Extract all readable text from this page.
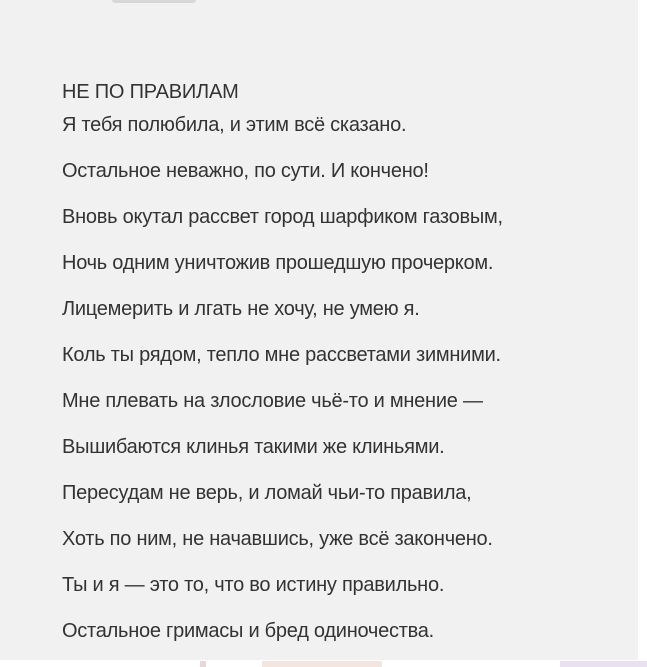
НЕ ПО ПРАВИЛАМ
Я тебя полюбила, и этим всё сказано.
Остальное неважно, по сути. И кончено!
Вновь окутал рассвет город шарфиком газовым,
Ночь одним уничтожив прошедшую прочерком.
Лицемерить и лгать не хочу, не умею я.
Коль ты рядом, тепло мне рассветами зимними.
Мне плевать на злословие чьё-то и мнение —
Вышибаются клинья такими же клиньями.
Пересудам не верь, и ломай чьи-то правила,
Хоть по ним, не начавшись, уже всё закончено.
Ты и я — это то, что во истину правильно.
Остальное гримасы и бред одиночества.
